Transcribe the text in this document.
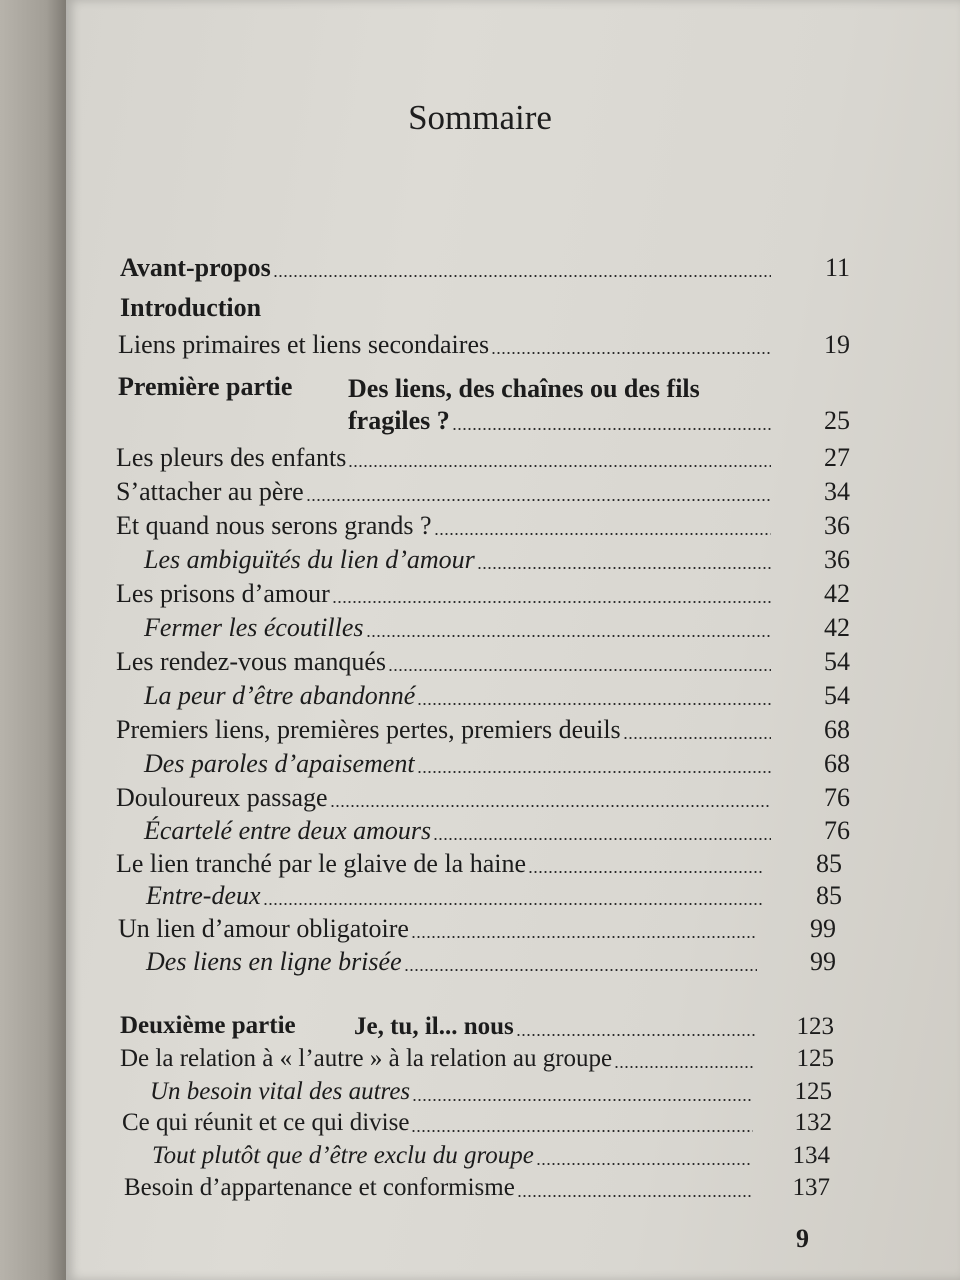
Sommaire
Avant-propos	11
Introduction
Liens primaires et liens secondaires	19
Première partie Des liens, des chaînes ou des fils
fragiles ?	25
Les pleurs des enfants	27
S’attacher au père	34
Et quand nous serons grands ?	36
Les ambiguïtés du lien d’amour	36
Les prisons d’amour	42
Fermer les écoutilles	42
Les rendez-vous manqués	54
La peur d’être abandonné	54
Premiers liens, premières pertes, premiers deuils	68
Des paroles d’apaisement	68
Douloureux passage	76
Écartelé entre deux amours	76
Le lien tranché par le glaive de la haine	85
Entre-deux	85
Un lien d’amour obligatoire	99
Des liens en ligne brisée	99
Deuxième partie Je, tu, il... nous	123
De la relation à « l’autre » à la relation au groupe	125
Un besoin vital des autres	125
Ce qui réunit et ce qui divise	132
Tout plutôt que d’être exclu du groupe	134
Besoin d’appartenance et conformisme	137
9
